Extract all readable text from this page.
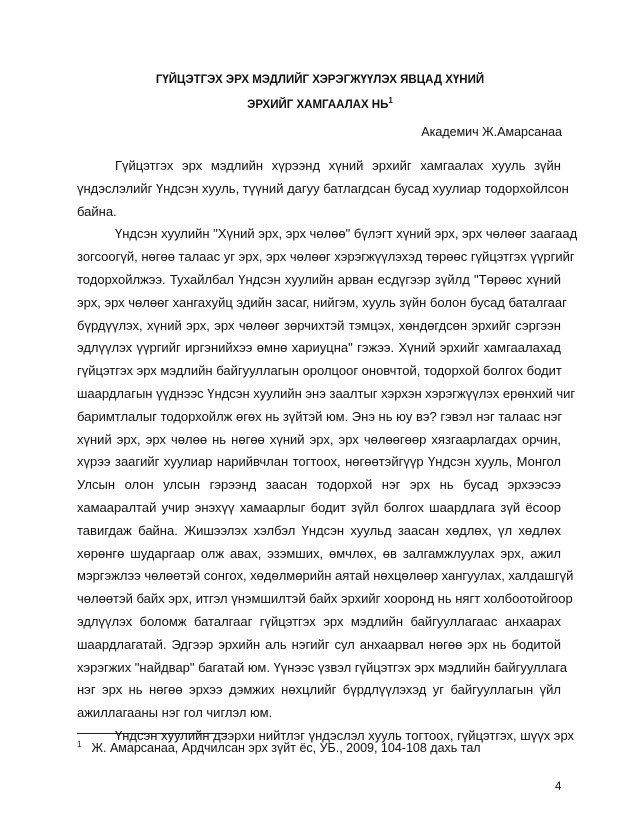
ГҮЙЦЭТГЭХ ЭРХ МЭДЛИЙГ ХЭРЭГЖҮҮЛЭХ ЯВЦАД ХҮНИЙ
ЭРХИЙГ ХАМГААЛАХ $НЬ^1$
Академич Ж.Амарсанаа
$^1$ Ж. Амарсанаа, Ардчилсан эрх зүйт ёс, УБ., 2009, 104-108 дахь тал
4
Гүйцэтгэх эрх мэдлийн хүрээнд хүний эрхийг хамгаалах хууль зүйн
үндэслэлийг Үндсэн хууль, түүний дагуу батлагдсан бусад хуулиар тодорхойлсон
байна.
Үндсэн хуулийн "Хүний эрх, эрх чөлөө" бүлэгт хүний эрх, эрх чөлөөг заагаад
зогсоогүй, нөгөө талаас уг эрх, эрх чөлөөг хэрэгжүүлэхэд төрөөс гүйцэтгэх үүргийг
тодорхойлжээ. Тухайлбал Үндсэн хуулийн арван есдүгээр зүйлд "Төрөөс хүний
эрх, эрх чөлөөг хангахуйц эдийн засаг, нийгэм, хууль зүйн болон бусад баталгааг
бүрдүүлэх, хүний эрх, эрх чөлөөг зөрчихтэй тэмцэх, хөндөгдсөн эрхийг сэргээн
эдлүүлэх үүргийг иргэнийхээ өмнө хариуцна" гэжээ. Хүний эрхийг хамгаалахад
гүйцэтгэх эрх мэдлийн байгууллагын оролцоог оновчтой, тодорхой болгох бодит
шаардлагын үүднээс Үндсэн хуулийн энэ заалтыг хэрхэн хэрэгжүүлэх ерөнхий чиг
баримтлалыг тодорхойлж өгөх нь зүйтэй юм. Энэ нь юу вэ? гэвэл нэг талаас нэг
хүний эрх, эрх чөлөө нь нөгөө хүний эрх, эрх чөлөөгөөр хязгаарлагдах орчин,
хүрээ заагийг хуулиар нарийвчлан тогтоох, нөгөөтэйгүүр Үндсэн хууль, Монгол
Улсын олон улсын гэрээнд заасан тодорхой нэг эрх нь бусад эрхээсээ
хамааралтай учир энэхүү хамаарлыг бодит зүйл болгох шаардлага зүй ёсоор
тавигдаж байна. Жишээлэх хэлбэл Үндсэн хуульд заасан хөдлөх, үл хөдлөх
хөрөнгө шударгаар олж авах, эзэмших, өмчлөх, өв залгамжлуулах эрх, ажил
мэргэжлээ чөлөөтэй сонгох, хөдөлмөрийн аятай нөхцөлөөр хангуулах, халдашгүй
чөлөөтэй байх эрх, итгэл үнэмшилтэй байх эрхийг хооронд нь нягт холбоотойгоор
эдлүүлэх боломж баталгааг гүйцэтгэх эрх мэдлийн байгууллагаас анхаарах
шаардлагатай. Эдгээр эрхийн аль нэгийг сул анхаарвал нөгөө эрх нь бодитой
хэрэгжих "найдвар" багатай юм. Үүнээс үзвэл гүйцэтгэх эрх мэдлийн байгууллага
нэг эрх нь нөгөө эрхээ дэмжих нөхцлийг бүрдлүүлэхэд уг байгууллагын үйл
ажиллагааны нэг гол чиглэл юм.
Үндсэн хуулийн дээрхи нийтлэг үндэслэл хууль тогтоох, гүйцэтгэх, шүүх эрх
